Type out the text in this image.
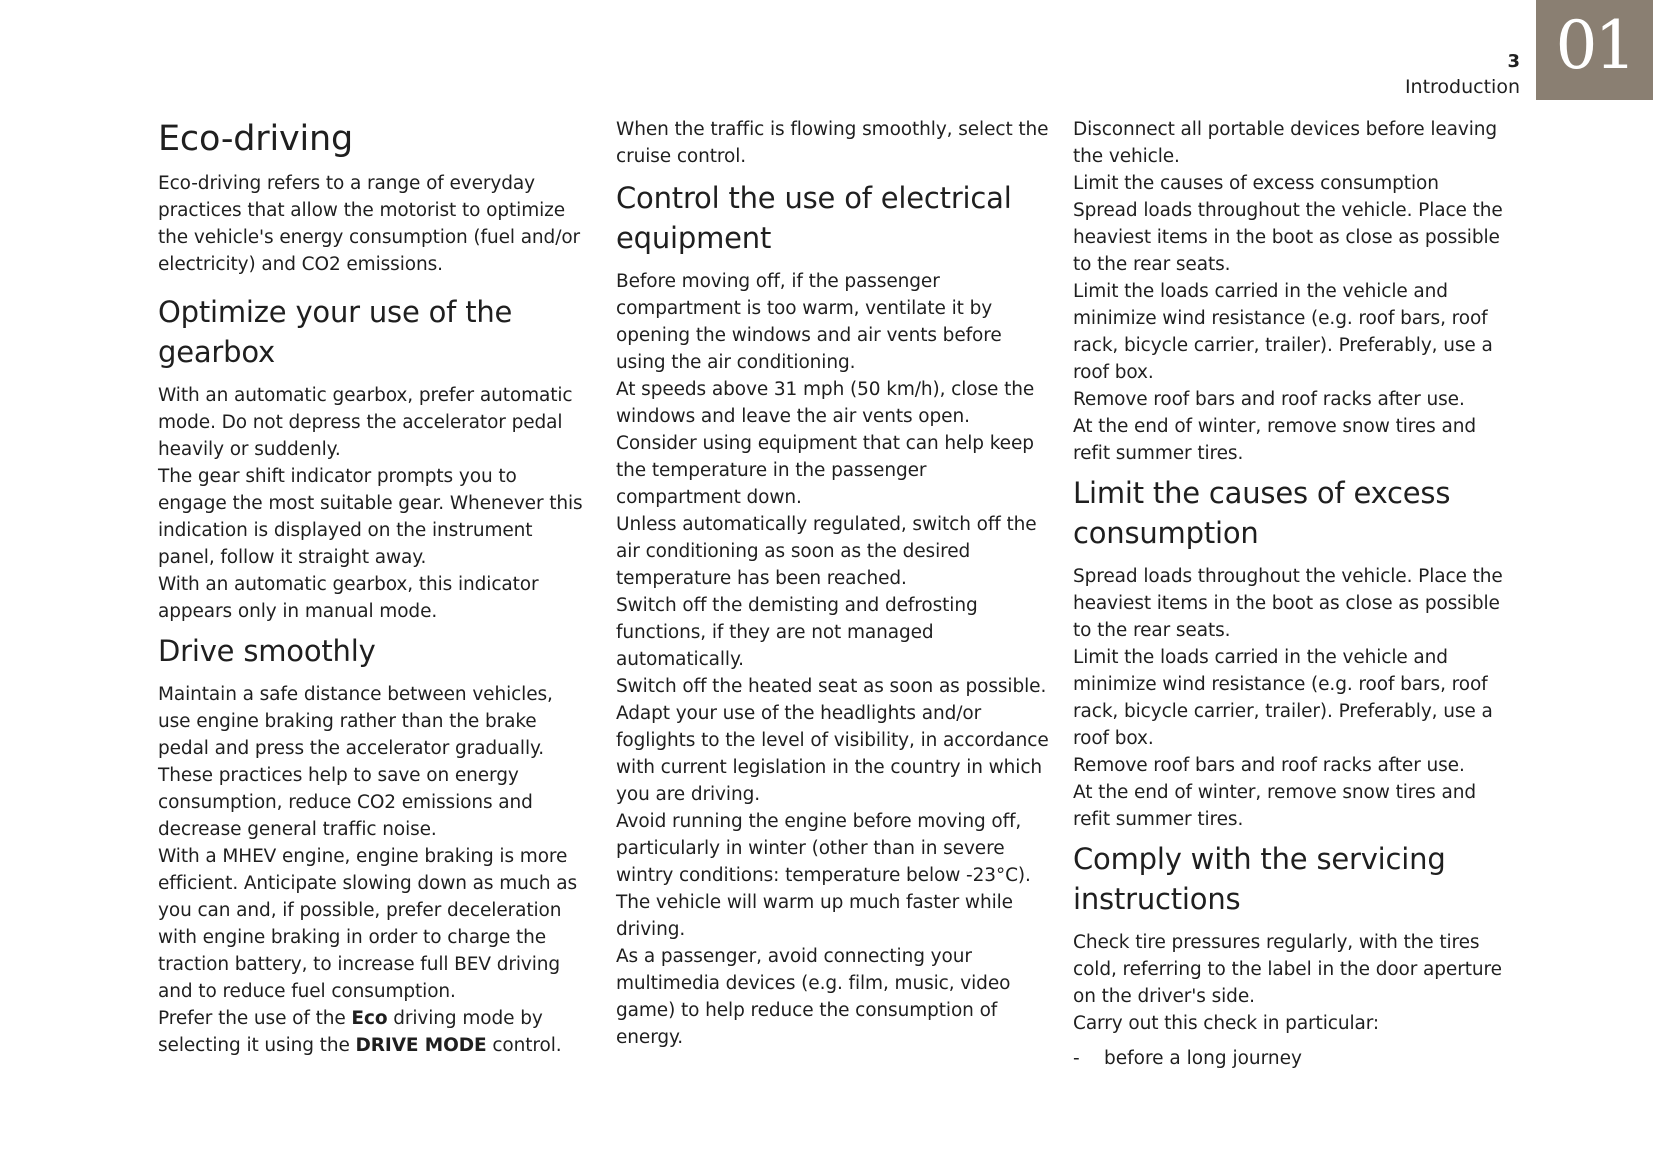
01
3
Introduction
Eco-driving

Eco-driving refers to a range of everyday practices that allow the motorist to optimize the vehicle's energy consumption (fuel and/or electricity) and CO2 emissions.

Optimize your use of the gearbox

With an automatic gearbox, prefer automatic mode. Do not depress the accelerator pedal heavily or suddenly.

The gear shift indicator prompts you to engage the most suitable gear. Whenever this indication is displayed on the instrument panel, follow it straight away.

With an automatic gearbox, this indicator appears only in manual mode.

Drive smoothly

Maintain a safe distance between vehicles, use engine braking rather than the brake pedal and press the accelerator gradually. These practices help to save on energy consumption, reduce CO2 emissions and decrease general traffic noise.

With a MHEV engine, engine braking is more efficient. Anticipate slowing down as much as you can and, if possible, prefer deceleration with engine braking in order to charge the traction battery, to increase full BEV driving and to reduce fuel consumption.

Prefer the use of the Eco driving mode by selecting it using the DRIVE MODE control.

When the traffic is flowing smoothly, select the cruise control.

Control the use of electrical equipment

Before moving off, if the passenger compartment is too warm, ventilate it by opening the windows and air vents before using the air conditioning.

At speeds above 31 mph (50 km/h), close the windows and leave the air vents open.

Consider using equipment that can help keep the temperature in the passenger compartment down.

Unless automatically regulated, switch off the air conditioning as soon as the desired temperature has been reached.

Switch off the demisting and defrosting functions, if they are not managed automatically.

Switch off the heated seat as soon as possible.

Adapt your use of the headlights and/or foglights to the level of visibility, in accordance with current legislation in the country in which you are driving.

Avoid running the engine before moving off, particularly in winter (other than in severe wintry conditions: temperature below -23°C). The vehicle will warm up much faster while driving.

As a passenger, avoid connecting your multimedia devices (e.g. film, music, video game) to help reduce the consumption of energy.

Disconnect all portable devices before leaving the vehicle.

Limit the causes of excess consumption

Spread loads throughout the vehicle. Place the heaviest items in the boot as close as possible to the rear seats.

Limit the loads carried in the vehicle and minimize wind resistance (e.g. roof bars, roof rack, bicycle carrier, trailer). Preferably, use a roof box.

Remove roof bars and roof racks after use.

At the end of winter, remove snow tires and refit summer tires.

Limit the causes of excess consumption

Spread loads throughout the vehicle. Place the heaviest items in the boot as close as possible to the rear seats.

Limit the loads carried in the vehicle and minimize wind resistance (e.g. roof bars, roof rack, bicycle carrier, trailer). Preferably, use a roof box.

Remove roof bars and roof racks after use.

At the end of winter, remove snow tires and refit summer tires.

Comply with the servicing instructions

Check tire pressures regularly, with the tires cold, referring to the label in the door aperture on the driver's side.

Carry out this check in particular:

-	before a long journey
